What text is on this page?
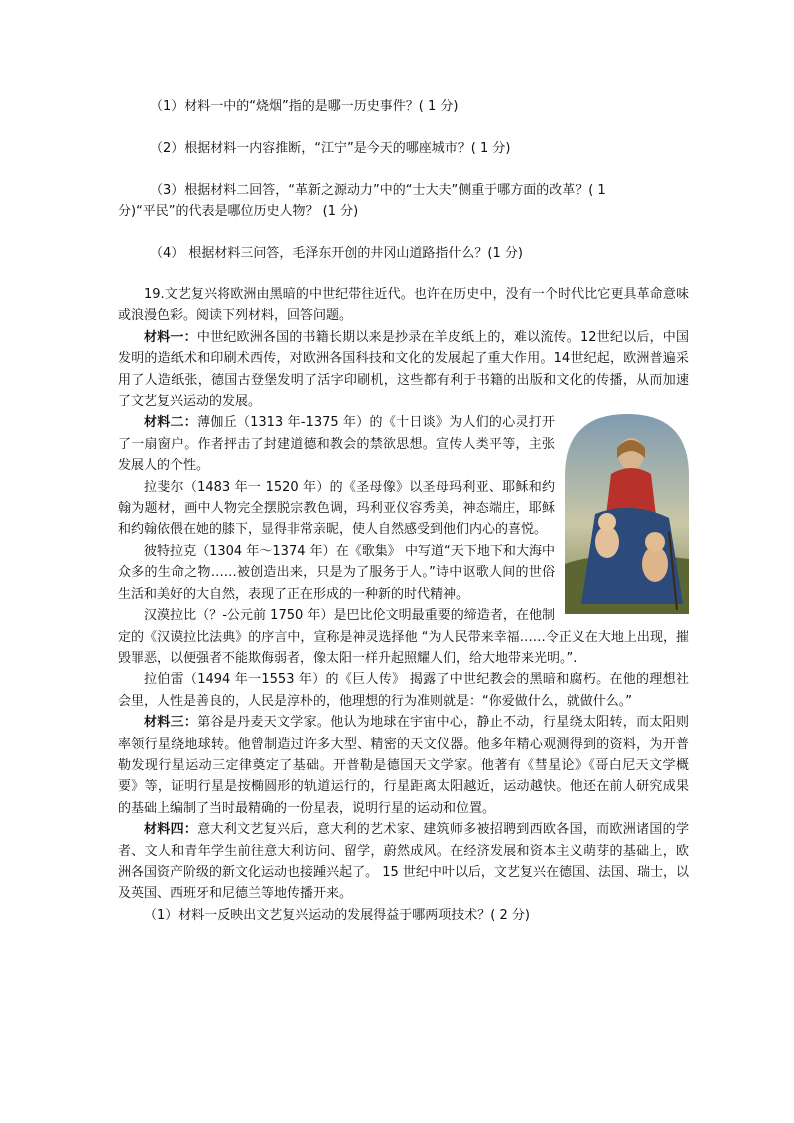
（1）材料一中的“烧烟”指的是哪一历史事件？( 1 分)

（2）根据材料一内容推断，“江宁”是今天的哪座城市？( 1 分)

（3）根据材料二回答，“革新之源动力”中的“士大夫”侧重于哪方面的改革？( 1

分)“平民”的代表是哪位历史人物？ (1 分)

（4） 根据材料三问答，毛泽东开创的井冈山道路指什么？(1 分)

19.文艺复兴将欧洲由黑暗的中世纪带往近代。也许在历史中，没有一个时代比它更具革命意味或浪漫色彩。阅读下列材料，回答问题。

材料一：中世纪欧洲各国的书籍长期以来是抄录在羊皮纸上的，难以流传。12世纪以后，中国发明的造纸术和印刷术西传，对欧洲各国科技和文化的发展起了重大作用。14世纪起，欧洲普遍采用了人造纸张，德国古登堡发明了活字印刷机，这些都有利于书籍的出版和文化的传播，从而加速了文艺复兴运动的发展。

材料二：薄伽丘（1313 年-1375 年）的《十日谈》为人们的心灵打开了一扇窗户。作者抨击了封建道德和教会的禁欲思想。宣传人类平等，主张发展人的个性。

拉斐尔（1483 年一 1520 年）的《圣母像》以圣母玛利亚、耶稣和约翰为题材，画中人物完全摆脱宗教色调，玛利亚仪容秀美，神态端庄，耶稣和约翰依偎在她的膝下，显得非常亲昵，使人自然感受到他们内心的喜悦。

彼特拉克（1304 年～1374 年）在《歌集》 中写道“天下地下和大海中众多的生命之物……被创造出来，只是为了服务于人。”诗中讴歌人间的世俗生活和美好的大自然，表现了正在形成的一种新的时代精神。

汉漠拉比（？-公元前 1750 年）是巴比伦文明最重要的缔造者，在他制定的《汉谟拉比法典》的序言中，宣称是神灵选择他 “为人民带来幸福……令正义在大地上出现，摧毁罪恶，以便强者不能欺侮弱者，像太阳一样升起照耀人们，给大地带来光明。”.

拉伯雷（1494 年一1553 年）的《巨人传》 揭露了中世纪教会的黑暗和腐朽。在他的理想社会里，人性是善良的，人民是淳朴的，他理想的行为准则就是：“你爱做什么，就做什么。”

材料三：第谷是丹麦天文学家。他认为地球在宇宙中心，静止不动，行星绕太阳转，而太阳则率领行星绕地球转。他曾制造过许多大型、精密的天文仪器。他多年精心观测得到的资料，为开普勒发现行星运动三定律奠定了基础。开普勒是德国天文学家。他著有《彗星论》《哥白尼天文学概要》等，证明行星是按椭圆形的轨道运行的，行星距离太阳越近，运动越快。他还在前人研究成果的基础上编制了当时最精确的一份星表，说明行星的运动和位置。

材料四：意大利文艺复兴后，意大利的艺术家、建筑师多被招聘到西欧各国，而欧洲诸国的学者、文人和青年学生前往意大利访问、留学，蔚然成风。在经济发展和资本主义萌芽的基础上，欧洲各国资产阶级的新文化运动也接踵兴起了。 15 世纪中叶以后，文艺复兴在德国、法国、瑞士，以及英国、西班牙和尼德兰等地传播开来。

（1）材料一反映出文艺复兴运动的发展得益于哪两项技术？( 2 分)
